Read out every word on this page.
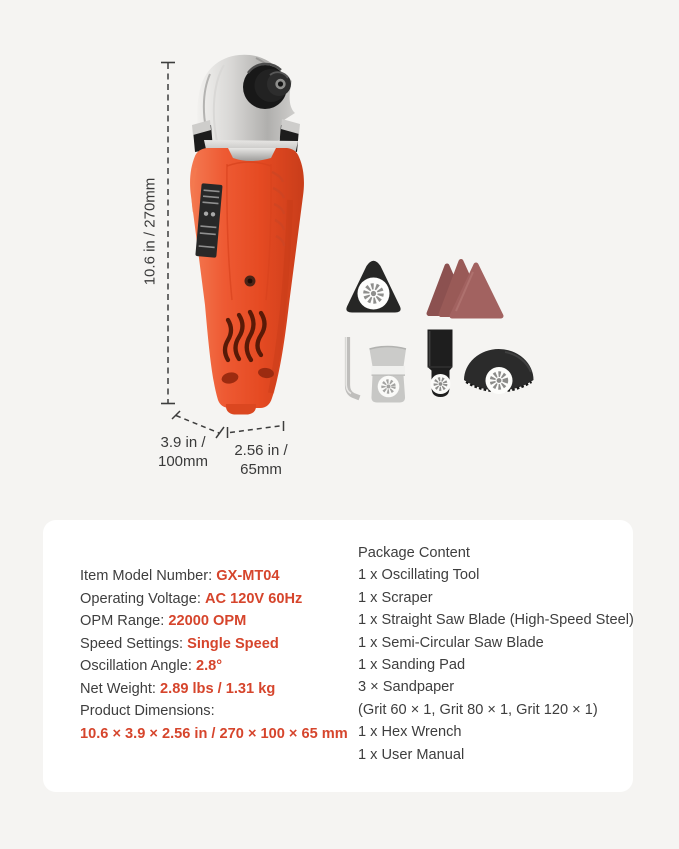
10.6 in / 270mm
3.9 in /
100mm
2.56 in /
65mm
Item Model Number: GX-MT04
Operating Voltage: AC 120V 60Hz
OPM Range: 22000 OPM
Speed Settings: Single Speed
Oscillation Angle: 2.8°
Net Weight: 2.89 lbs / 1.31 kg
Product Dimensions:
10.6 × 3.9 × 2.56 in / 270 × 100 × 65 mm
Package Content
1 x Oscillating Tool
1 x Scraper
1 x Straight Saw Blade (High-Speed Steel)
1 x Semi-Circular Saw Blade
1 x Sanding Pad
3 × Sandpaper
(Grit 60 × 1, Grit 80 × 1, Grit 120 × 1)
1 x Hex Wrench
1 x User Manual
